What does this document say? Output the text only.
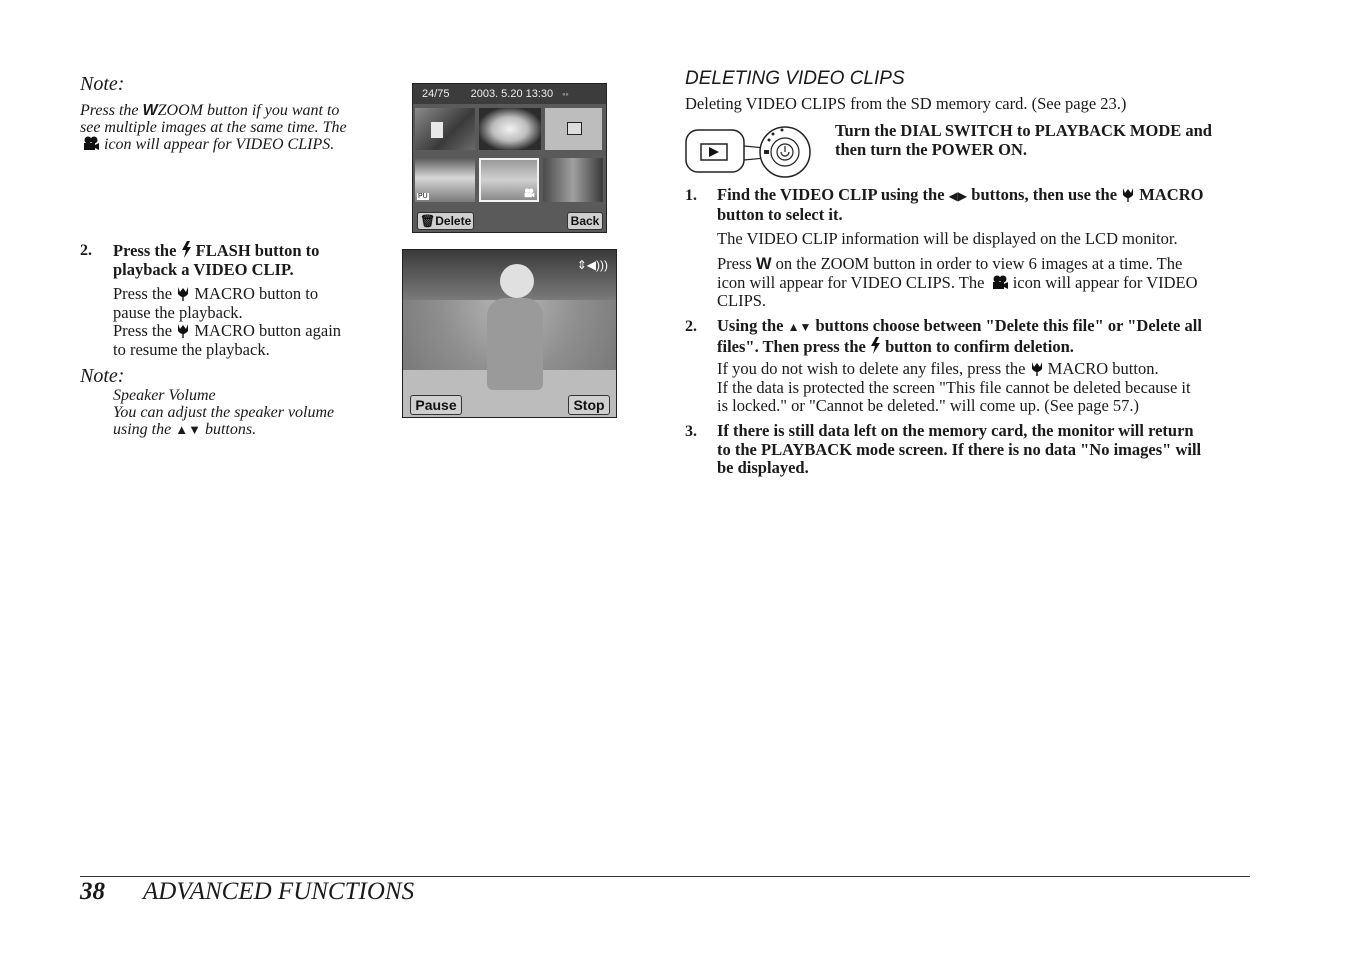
Note:
Press the WZOOM button if you want to
see multiple images at the same time. The
icon will appear for VIDEO CLIPS.
2. Press the FLASH button to
playback a VIDEO CLIP.
Press the MACRO button to
pause the playback.
Press the MACRO button again
to resume the playback.
Note:
Speaker Volume
You can adjust the speaker volume
using the ▲▼ buttons.
24/75 2003. 5.20 13:30 ◦◦
PU
🗑Delete	Back
⇕◀)))
Pause	Stop
DELETING VIDEO CLIPS
Deleting VIDEO CLIPS from the SD memory card. (See page 23.)
Turn the DIAL SWITCH to PLAYBACK MODE and
then turn the POWER ON.
1. Find the VIDEO CLIP using the ◀▶ buttons, then use the MACRO
button to select it.
The VIDEO CLIP information will be displayed on the LCD monitor.
Press W on the ZOOM button in order to view 6 images at a time. The
icon will appear for VIDEO CLIPS. The icon will appear for VIDEO
CLIPS.
2. Using the ▲▼ buttons choose between "Delete this file" or "Delete all
files". Then press the button to confirm deletion.
If you do not wish to delete any files, press the MACRO button.
If the data is protected the screen "This file cannot be deleted because it
is locked." or "Cannot be deleted." will come up. (See page 57.)
3. If there is still data left on the memory card, the monitor will return
to the PLAYBACK mode screen. If there is no data "No images" will
be displayed.
38 ADVANCED FUNCTIONS
